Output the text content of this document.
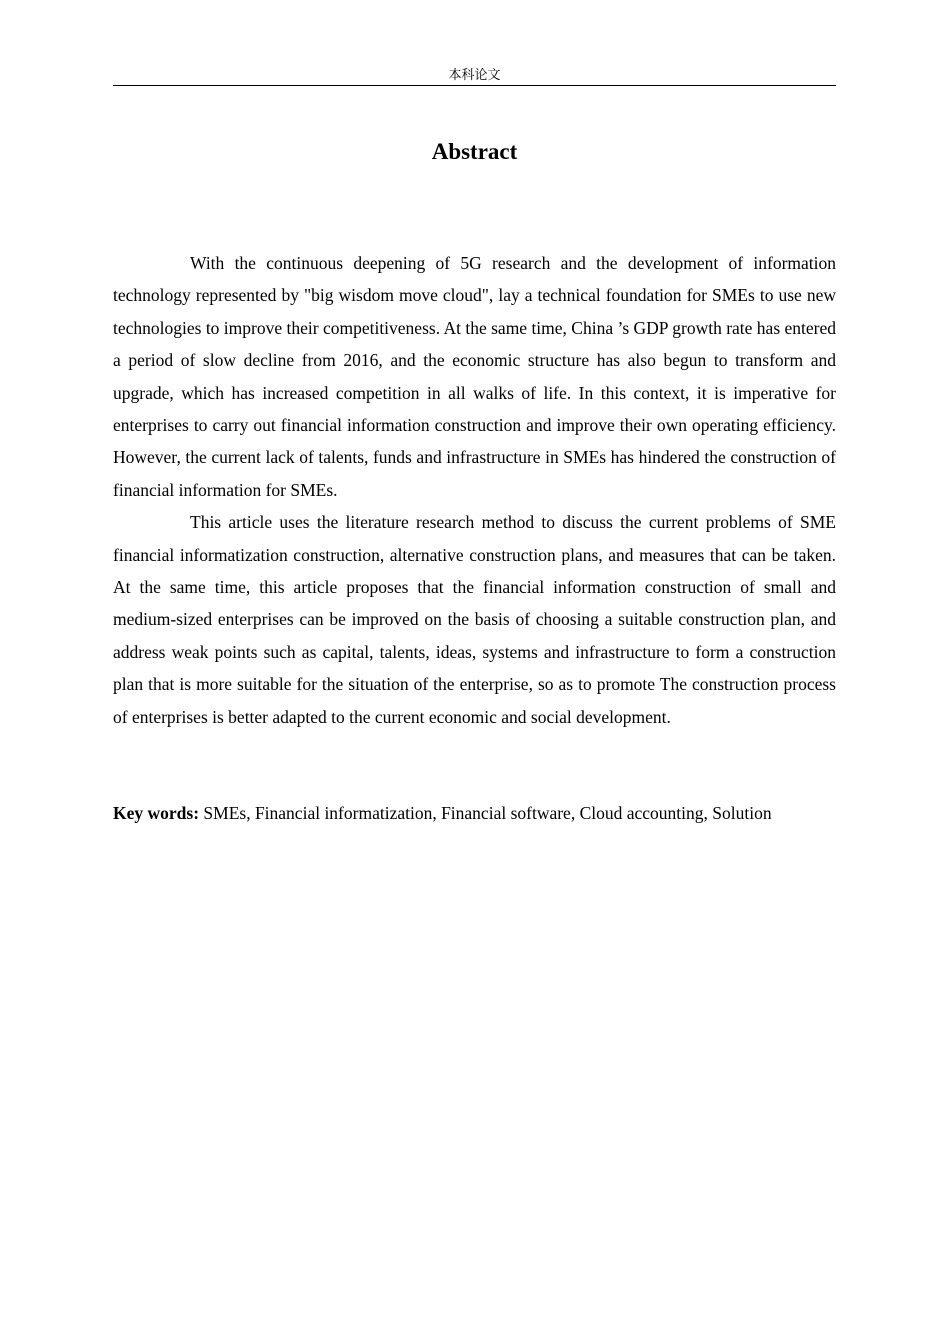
本科论文
Abstract

With the continuous deepening of 5G research and the development of information technology represented by "big wisdom move cloud", lay a technical foundation for SMEs to use new technologies to improve their competitiveness. At the same time, China ’s GDP growth rate has entered a period of slow decline from 2016, and the economic structure has also begun to transform and upgrade, which has increased competition in all walks of life. In this context, it is imperative for enterprises to carry out financial information construction and improve their own operating efficiency. However, the current lack of talents, funds and infrastructure in SMEs has hindered the construction of financial information for SMEs.

This article uses the literature research method to discuss the current problems of SME financial informatization construction, alternative construction plans, and measures that can be taken. At the same time, this article proposes that the financial information construction of small and medium-sized enterprises can be improved on the basis of choosing a suitable construction plan, and address weak points such as capital, talents, ideas, systems and infrastructure to form a construction plan that is more suitable for the situation of the enterprise, so as to promote The construction process of enterprises is better adapted to the current economic and social development.

Key words: SMEs, Financial informatization, Financial software, Cloud accounting, Solution
